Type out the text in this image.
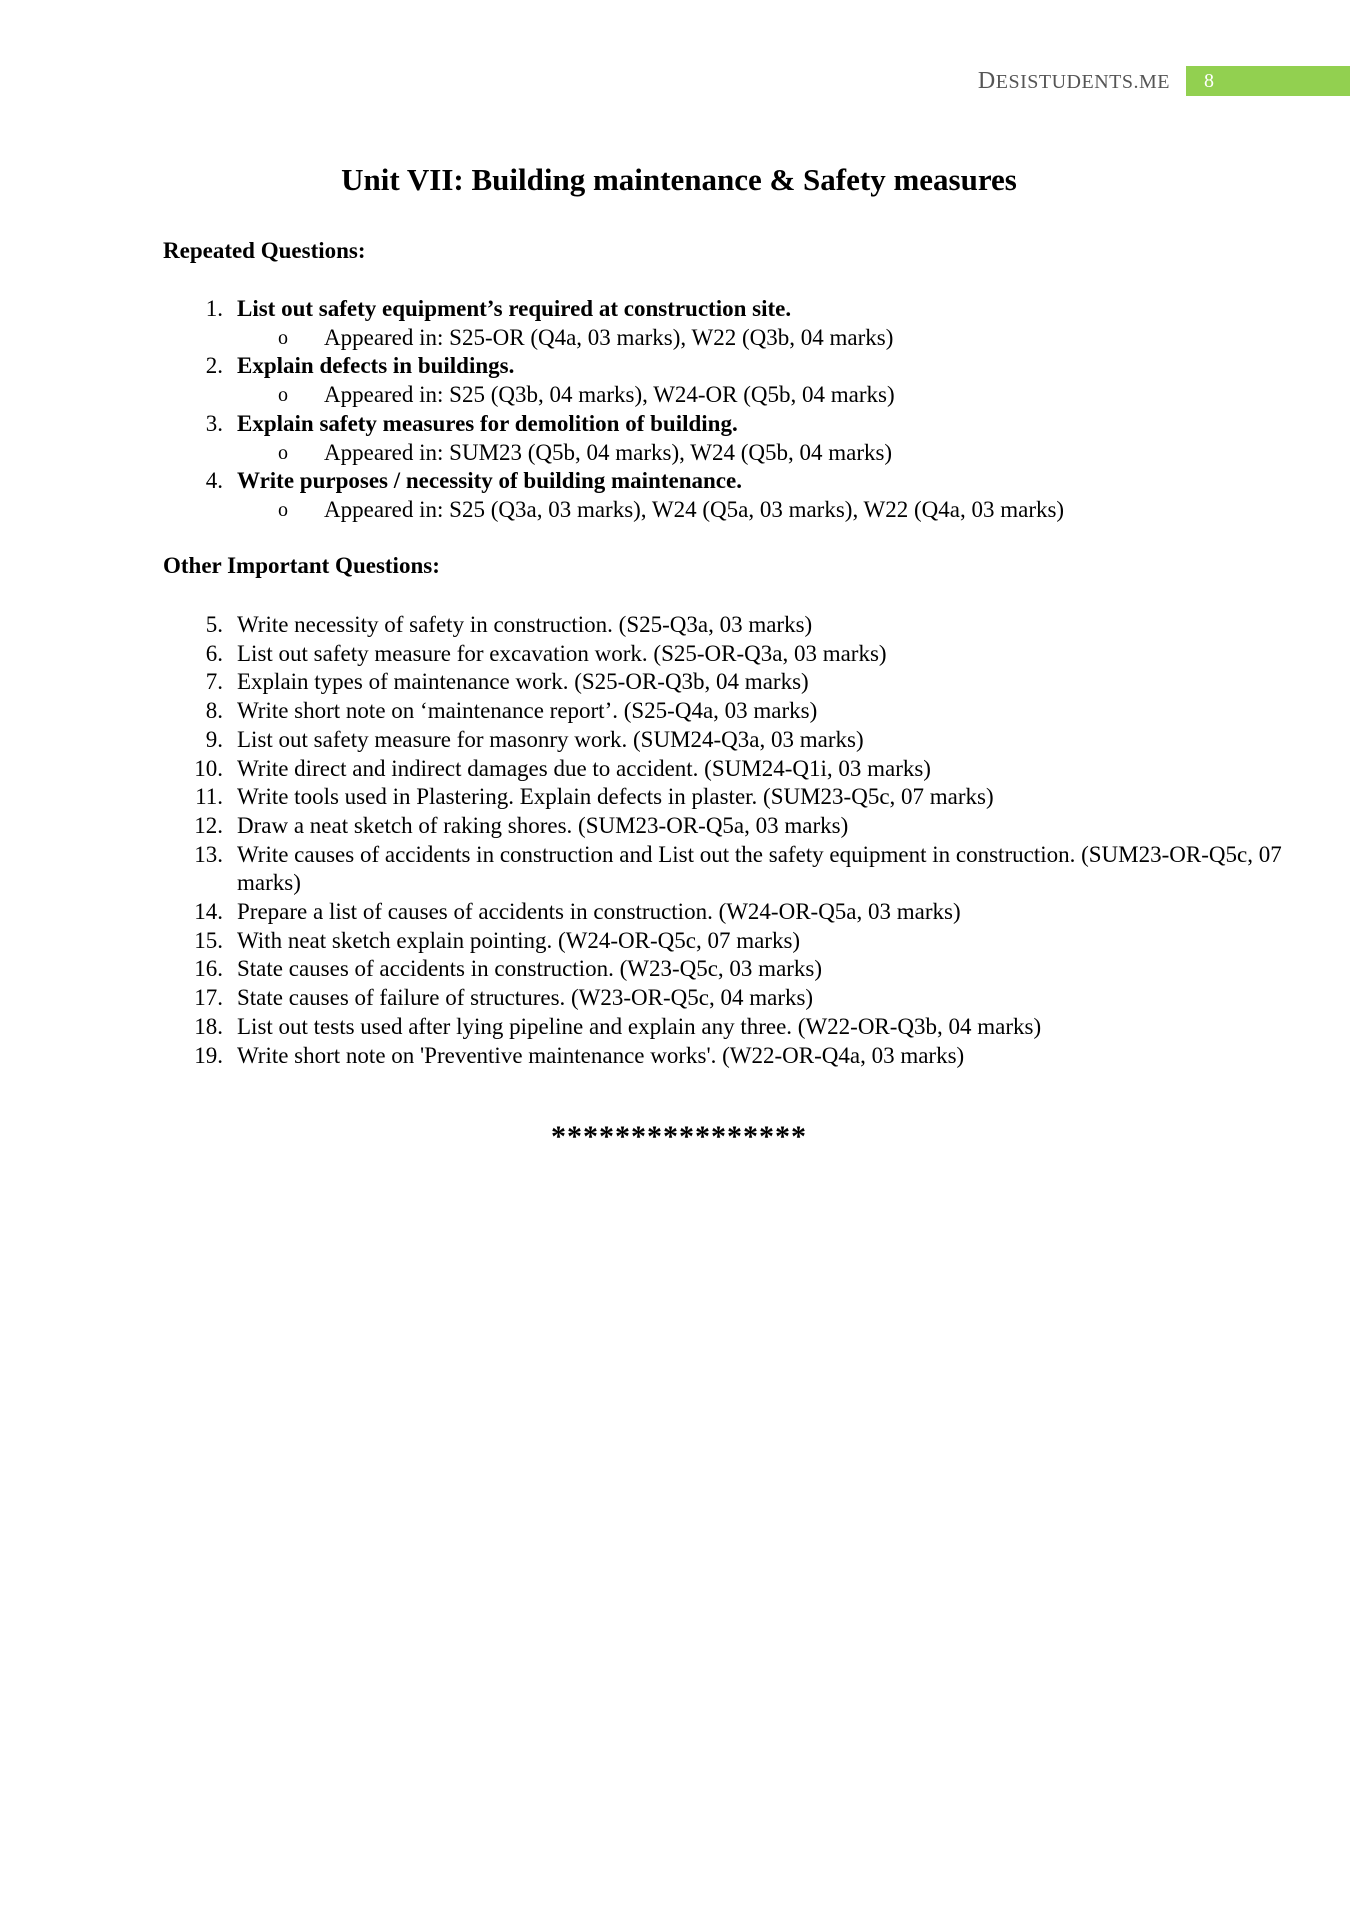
DESISTUDENTS.ME	8
Unit VII: Building maintenance & Safety measures
Repeated Questions:
1. List out safety equipment’s required at construction site.
o	Appeared in: S25-OR (Q4a, 03 marks), W22 (Q3b, 04 marks)
2. Explain defects in buildings.
o	Appeared in: S25 (Q3b, 04 marks), W24-OR (Q5b, 04 marks)
3. Explain safety measures for demolition of building.
o	Appeared in: SUM23 (Q5b, 04 marks), W24 (Q5b, 04 marks)
4. Write purposes / necessity of building maintenance.
o	Appeared in: S25 (Q3a, 03 marks), W24 (Q5a, 03 marks), W22 (Q4a, 03 marks)
Other Important Questions:
5. Write necessity of safety in construction. (S25-Q3a, 03 marks)
6. List out safety measure for excavation work. (S25-OR-Q3a, 03 marks)
7. Explain types of maintenance work. (S25-OR-Q3b, 04 marks)
8. Write short note on ‘maintenance report’. (S25-Q4a, 03 marks)
9. List out safety measure for masonry work. (SUM24-Q3a, 03 marks)
10. Write direct and indirect damages due to accident. (SUM24-Q1i, 03 marks)
11. Write tools used in Plastering. Explain defects in plaster. (SUM23-Q5c, 07 marks)
12. Draw a neat sketch of raking shores. (SUM23-OR-Q5a, 03 marks)
13. Write causes of accidents in construction and List out the safety equipment in construction. (SUM23-OR-Q5c, 07 marks)
14. Prepare a list of causes of accidents in construction. (W24-OR-Q5a, 03 marks)
15. With neat sketch explain pointing. (W24-OR-Q5c, 07 marks)
16. State causes of accidents in construction. (W23-Q5c, 03 marks)
17. State causes of failure of structures. (W23-OR-Q5c, 04 marks)
18. List out tests used after lying pipeline and explain any three. (W22-OR-Q3b, 04 marks)
19. Write short note on 'Preventive maintenance works'. (W22-OR-Q4a, 03 marks)
****************
